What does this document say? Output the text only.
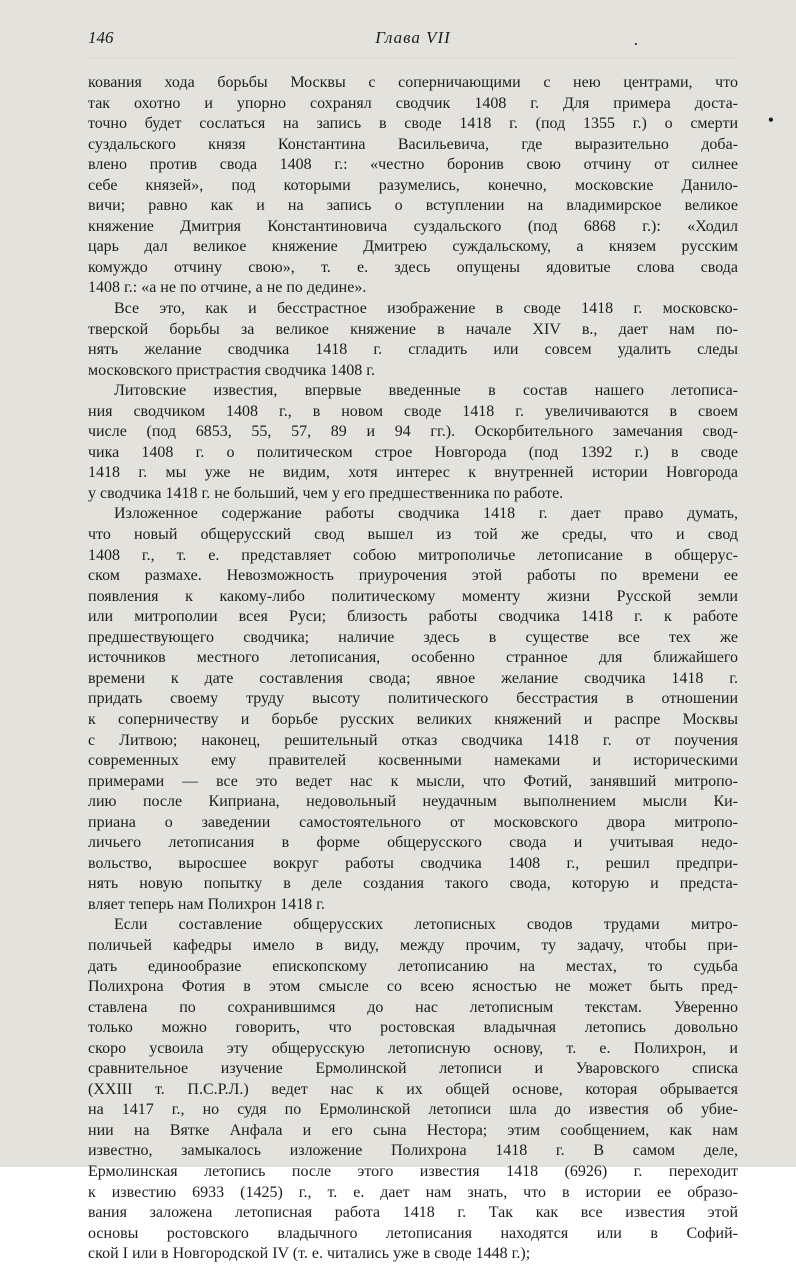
146	Глава VII	.
•
кования хода борьбы Москвы с соперничающими с нею центрами, что
так охотно и упорно сохранял сводчик 1408 г. Для примера доста-
точно будет сослаться на запись в своде 1418 г. (под 1355 г.) о смерти
суздальского князя Константина Васильевича, где выразительно доба-
влено против свода 1408 г.: «честно боронив свою отчину от силнее
себе князей», под которыми разумелись, конечно, московские Данило-
вичи; равно как и на запись о вступлении на владимирское великое
княжение Дмитрия Константиновича суздальского (под 6868 г.): «Ходил
царь дал великое княжение Дмитрею суждальскому, а князем русским
комуждо отчину свою», т. е. здесь опущены ядовитые слова свода
1408 г.: «а не по отчине, а не по дедине».
Все это, как и бесстрастное изображение в своде 1418 г. московско-
тверской борьбы за великое княжение в начале XIV в., дает нам по-
нять желание сводчика 1418 г. сгладить или совсем удалить следы
московского пристрастия сводчика 1408 г.
Литовские известия, впервые введенные в состав нашего летописа-
ния сводчиком 1408 г., в новом своде 1418 г. увеличиваются в своем
числе (под 6853, 55, 57, 89 и 94 гг.). Оскорбительного замечания свод-
чика 1408 г. о политическом строе Новгорода (под 1392 г.) в своде
1418 г. мы уже не видим, хотя интерес к внутренней истории Новгорода
у сводчика 1418 г. не больший, чем у его предшественника по работе.
Изложенное содержание работы сводчика 1418 г. дает право думать,
что новый общерусский свод вышел из той же среды, что и свод
1408 г., т. е. представляет собою митрополичье летописание в общерус-
ском размахе. Невозможность приурочения этой работы по времени ее
появления к какому-либо политическому моменту жизни Русской земли
или митрополии всея Руси; близость работы сводчика 1418 г. к работе
предшествующего сводчика; наличие здесь в существе все тех же
источников местного летописания, особенно странное для ближайшего
времени к дате составления свода; явное желание сводчика 1418 г.
придать своему труду высоту политического бесстрастия в отношении
к соперничеству и борьбе русских великих княжений и распре Москвы
с Литвою; наконец, решительный отказ сводчика 1418 г. от поучения
современных ему правителей косвенными намеками и историческими
примерами — все это ведет нас к мысли, что Фотий, занявший митропо-
лию после Киприана, недовольный неудачным выполнением мысли Ки-
приана о заведении самостоятельного от московского двора митропо-
личьего летописания в форме общерусского свода и учитывая недо-
вольство, выросшее вокруг работы сводчика 1408 г., решил предпри-
нять новую попытку в деле создания такого свода, которую и предста-
вляет теперь нам Полихрон 1418 г.
Если составление общерусских летописных сводов трудами митро-
поличьей кафедры имело в виду, между прочим, ту задачу, чтобы при-
дать единообразие епископскому летописанию на местах, то судьба
Полихрона Фотия в этом смысле со всею ясностью не может быть пред-
ставлена по сохранившимся до нас летописным текстам. Уверенно
только можно говорить, что ростовская владычная летопись довольно
скоро усвоила эту общерусскую летописную основу, т. е. Полихрон, и
сравнительное изучение Ермолинской летописи и Уваровского списка
(XXIII т. П.С.Р.Л.) ведет нас к их общей основе, которая обрывается
на 1417 г., но судя по Ермолинской летописи шла до известия об убие-
нии на Вятке Анфала и его сына Нестора; этим сообщением, как нам
известно, замыкалось изложение Полихрона 1418 г. В самом деле,
Ермолинская летопись после этого известия 1418 (6926) г. переходит
к известию 6933 (1425) г., т. е. дает нам знать, что в истории ее образо-
вания заложена летописная работа 1418 г. Так как все известия этой
основы ростовского владычного летописания находятся или в Софий-
ской I или в Новгородской IV (т. е. читались уже в своде 1448 г.);
